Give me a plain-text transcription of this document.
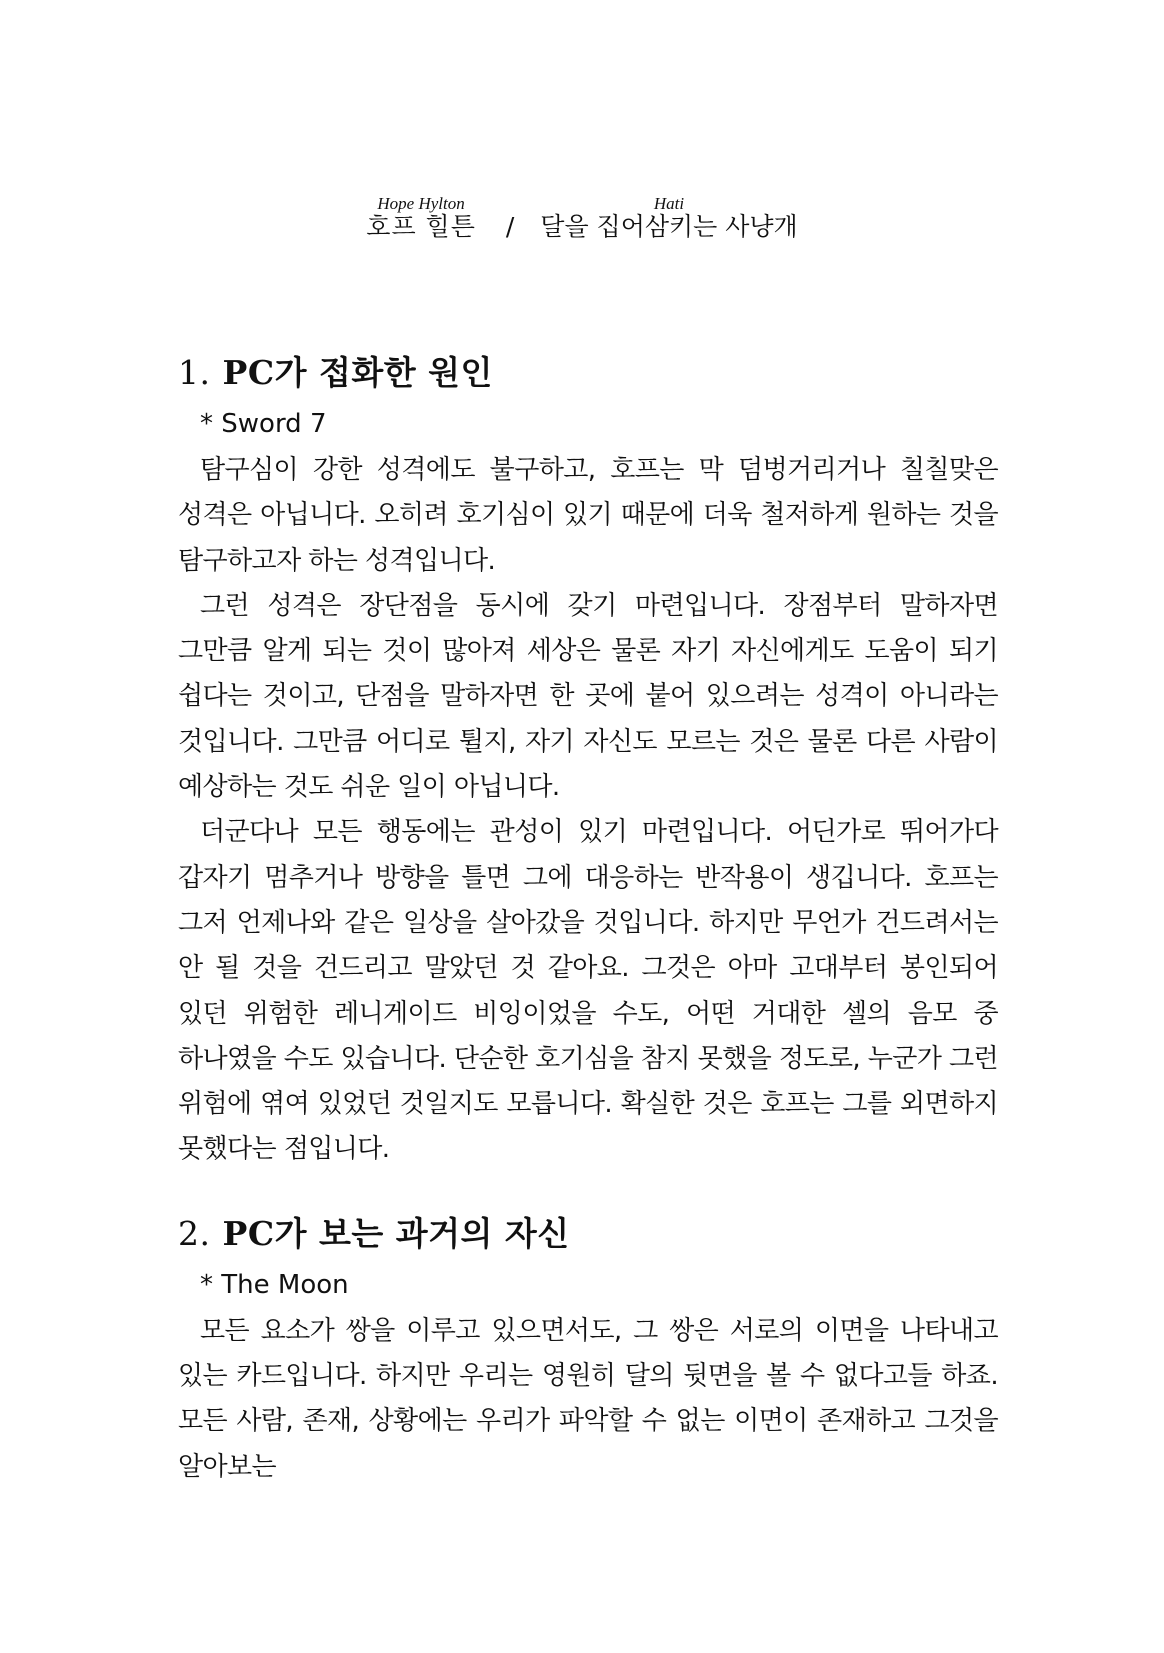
호프 힐튼Hope Hylton/ 달을 집어삼키는 사냥개Hati
1. PC가 접화한 원인

* Sword 7

탐구심이 강한 성격에도 불구하고, 호프는 막 덤벙거리거나 칠칠맞은 성격은 아닙니다. 오히려 호기심이 있기 때문에 더욱 철저하게 원하는 것을 탐구하고자 하는 성격입니다.

그런 성격은 장단점을 동시에 갖기 마련입니다. 장점부터 말하자면 그만큼 알게 되는 것이 많아져 세상은 물론 자기 자신에게도 도움이 되기 쉽다는 것이고, 단점을 말하자면 한 곳에 붙어 있으려는 성격이 아니라는 것입니다. 그만큼 어디로 튈지, 자기 자신도 모르는 것은 물론 다른 사람이 예상하는 것도 쉬운 일이 아닙니다.

더군다나 모든 행동에는 관성이 있기 마련입니다. 어딘가로 뛰어가다 갑자기 멈추거나 방향을 틀면 그에 대응하는 반작용이 생깁니다. 호프는 그저 언제나와 같은 일상을 살아갔을 것입니다. 하지만 무언가 건드려서는 안 될 것을 건드리고 말았던 것 같아요. 그것은 아마 고대부터 봉인되어 있던 위험한 레니게이드 비잉이었을 수도, 어떤 거대한 셀의 음모 중 하나였을 수도 있습니다. 단순한 호기심을 참지 못했을 정도로, 누군가 그런 위험에 엮여 있었던 것일지도 모릅니다. 확실한 것은 호프는 그를 외면하지 못했다는 점입니다.

2. PC가 보는 과거의 자신

* The Moon

모든 요소가 쌍을 이루고 있으면서도, 그 쌍은 서로의 이면을 나타내고 있는 카드입니다. 하지만 우리는 영원히 달의 뒷면을 볼 수 없다고들 하죠. 모든 사람, 존재, 상황에는 우리가 파악할 수 없는 이면이 존재하고 그것을 알아보는
